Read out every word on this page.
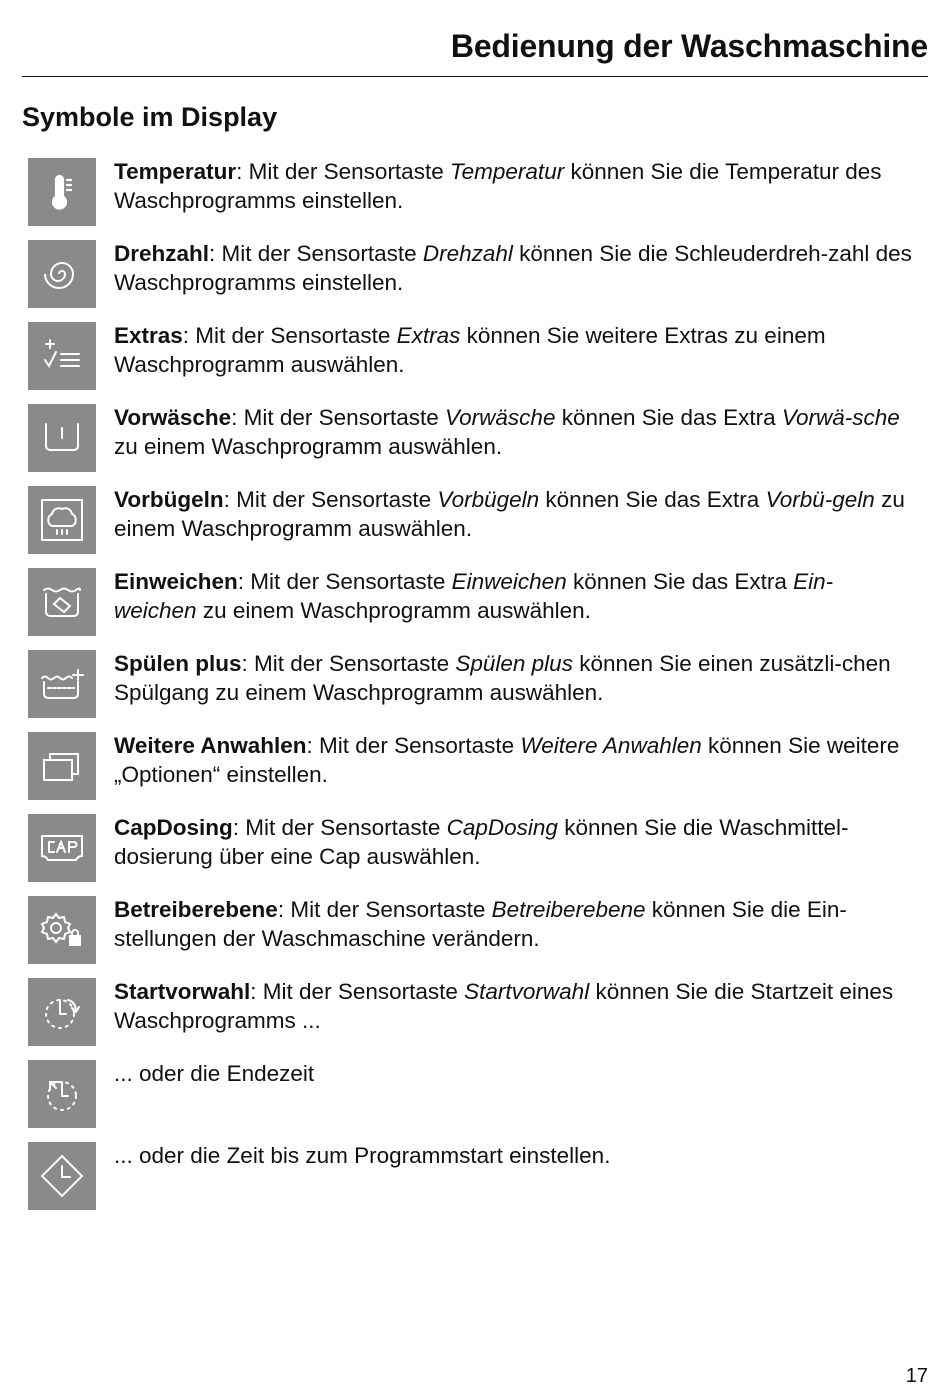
Bedienung der Waschmaschine
Symbole im Display
Temperatur: Mit der Sensortaste Temperatur können Sie die Temperatur des Waschprogramms einstellen.
Drehzahl: Mit der Sensortaste Drehzahl können Sie die Schleuderdreh-zahl des Waschprogramms einstellen.
Extras: Mit der Sensortaste Extras können Sie weitere Extras zu einem Waschprogramm auswählen.
Vorwäsche: Mit der Sensortaste Vorwäsche können Sie das Extra Vorwä-sche zu einem Waschprogramm auswählen.
Vorbügeln: Mit der Sensortaste Vorbügeln können Sie das Extra Vorbü-geln zu einem Waschprogramm auswählen.
Einweichen: Mit der Sensortaste Einweichen können Sie das Extra Ein-weichen zu einem Waschprogramm auswählen.
Spülen plus: Mit der Sensortaste Spülen plus können Sie einen zusätzli-chen Spülgang zu einem Waschprogramm auswählen.
Weitere Anwahlen: Mit der Sensortaste Weitere Anwahlen können Sie weitere „Optionen“ einstellen.
CapDosing: Mit der Sensortaste CapDosing können Sie die Waschmittel-dosierung über eine Cap auswählen.
Betreiberebene: Mit der Sensortaste Betreiberebene können Sie die Ein-stellungen der Waschmaschine verändern.
Startvorwahl: Mit der Sensortaste Startvorwahl können Sie die Startzeit eines Waschprogramms ...
... oder die Endezeit
... oder die Zeit bis zum Programmstart einstellen.
17
